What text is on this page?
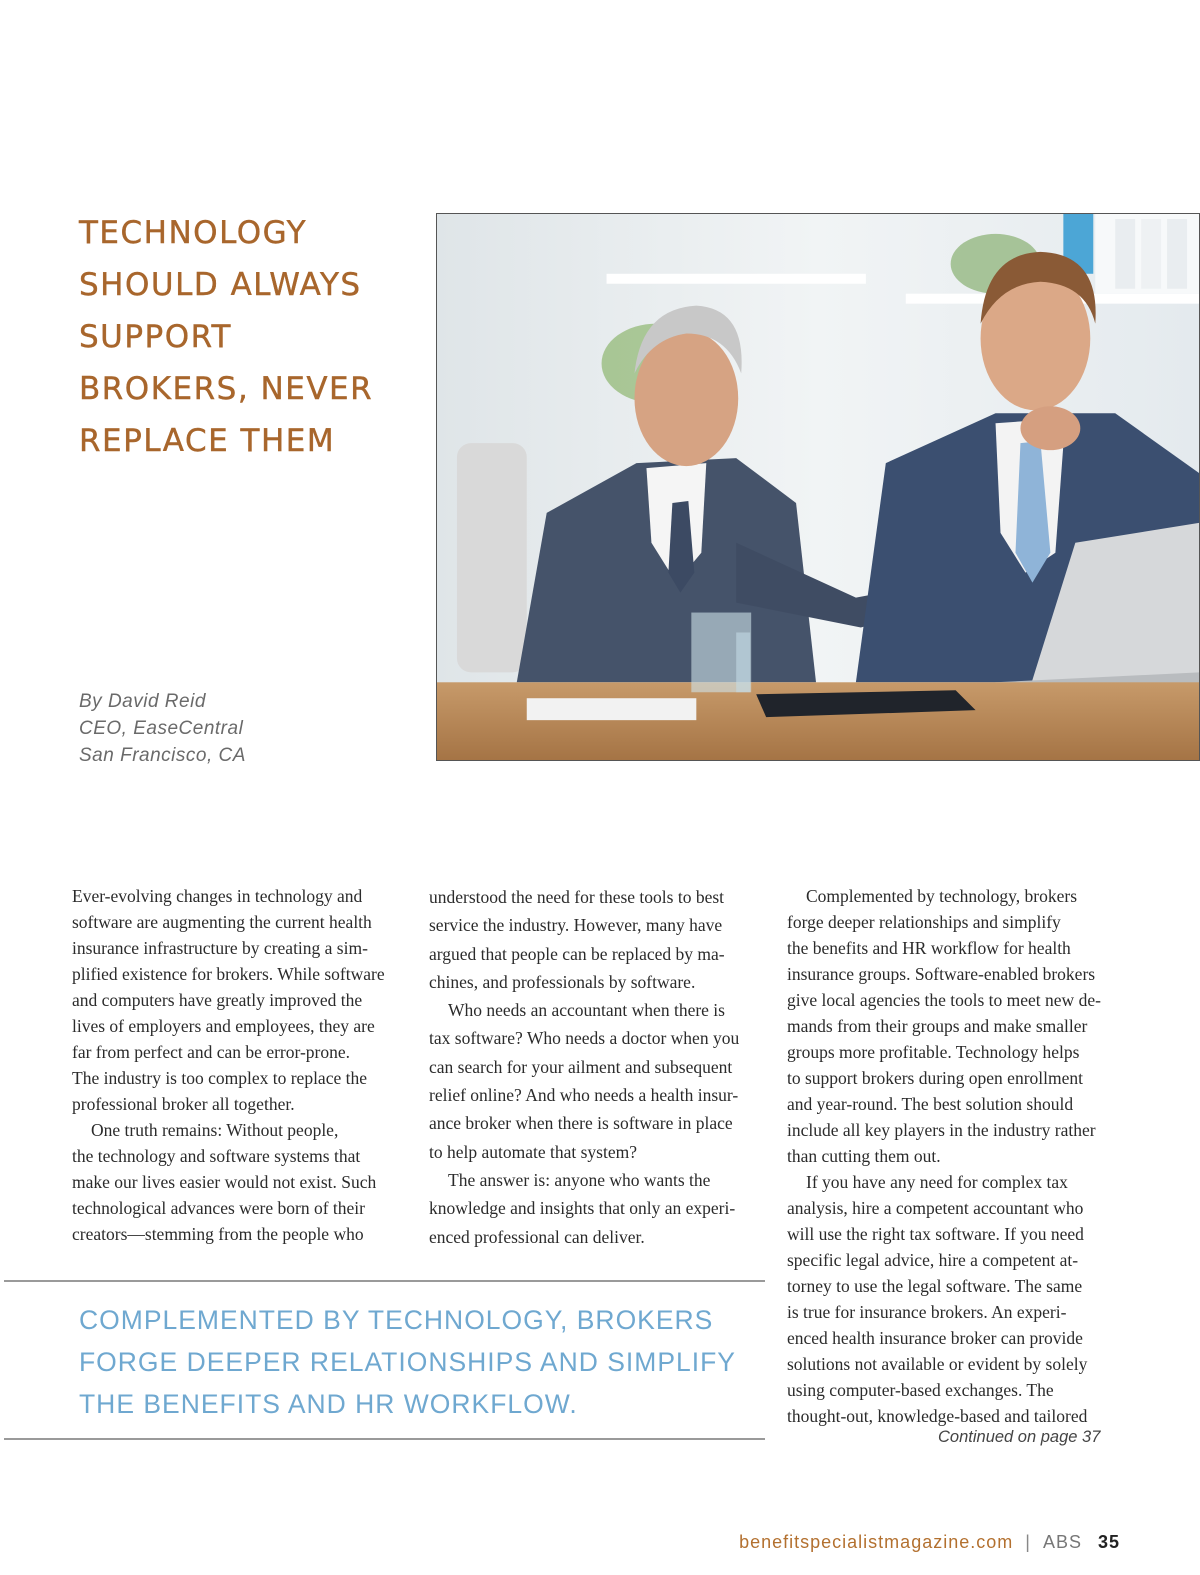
TECHNOLOGY
SHOULD ALWAYS
SUPPORT
BROKERS, NEVER
REPLACE THEM
By David Reid
CEO, EaseCentral
San Francisco, CA

Ever-evolving changes in technology and
software are augmenting the current health
insurance infrastructure by creating a sim-
plified existence for brokers. While software
and computers have greatly improved the
lives of employers and employees, they are
far from perfect and can be error-prone.
The industry is too complex to replace the
professional broker all together.

One truth remains: Without people,
the technology and software systems that
make our lives easier would not exist. Such
technological advances were born of their
creators—stemming from the people who

understood the need for these tools to best
service the industry. However, many have
argued that people can be replaced by ma-
chines, and professionals by software.

Who needs an accountant when there is
tax software? Who needs a doctor when you
can search for your ailment and subsequent
relief online? And who needs a health insur-
ance broker when there is software in place
to help automate that system?

The answer is: anyone who wants the
knowledge and insights that only an experi-
enced professional can deliver.

Complemented by technology, brokers
forge deeper relationships and simplify
the benefits and HR workflow for health
insurance groups. Software-enabled brokers
give local agencies the tools to meet new de-
mands from their groups and make smaller
groups more profitable. Technology helps
to support brokers during open enrollment
and year-round. The best solution should
include all key players in the industry rather
than cutting them out.

If you have any need for complex tax
analysis, hire a competent accountant who
will use the right tax software. If you need
specific legal advice, hire a competent at-
torney to use the legal software. The same
is true for insurance brokers. An experi-
enced health insurance broker can provide
solutions not available or evident by solely
using computer-based exchanges. The
thought-out, knowledge-based and tailored

COMPLEMENTED BY TECHNOLOGY, BROKERS
FORGE DEEPER RELATIONSHIPS AND SIMPLIFY
THE BENEFITS AND HR WORKFLOW.
Continued on page 37
benefitspecialistmagazine.com | ABS 35
